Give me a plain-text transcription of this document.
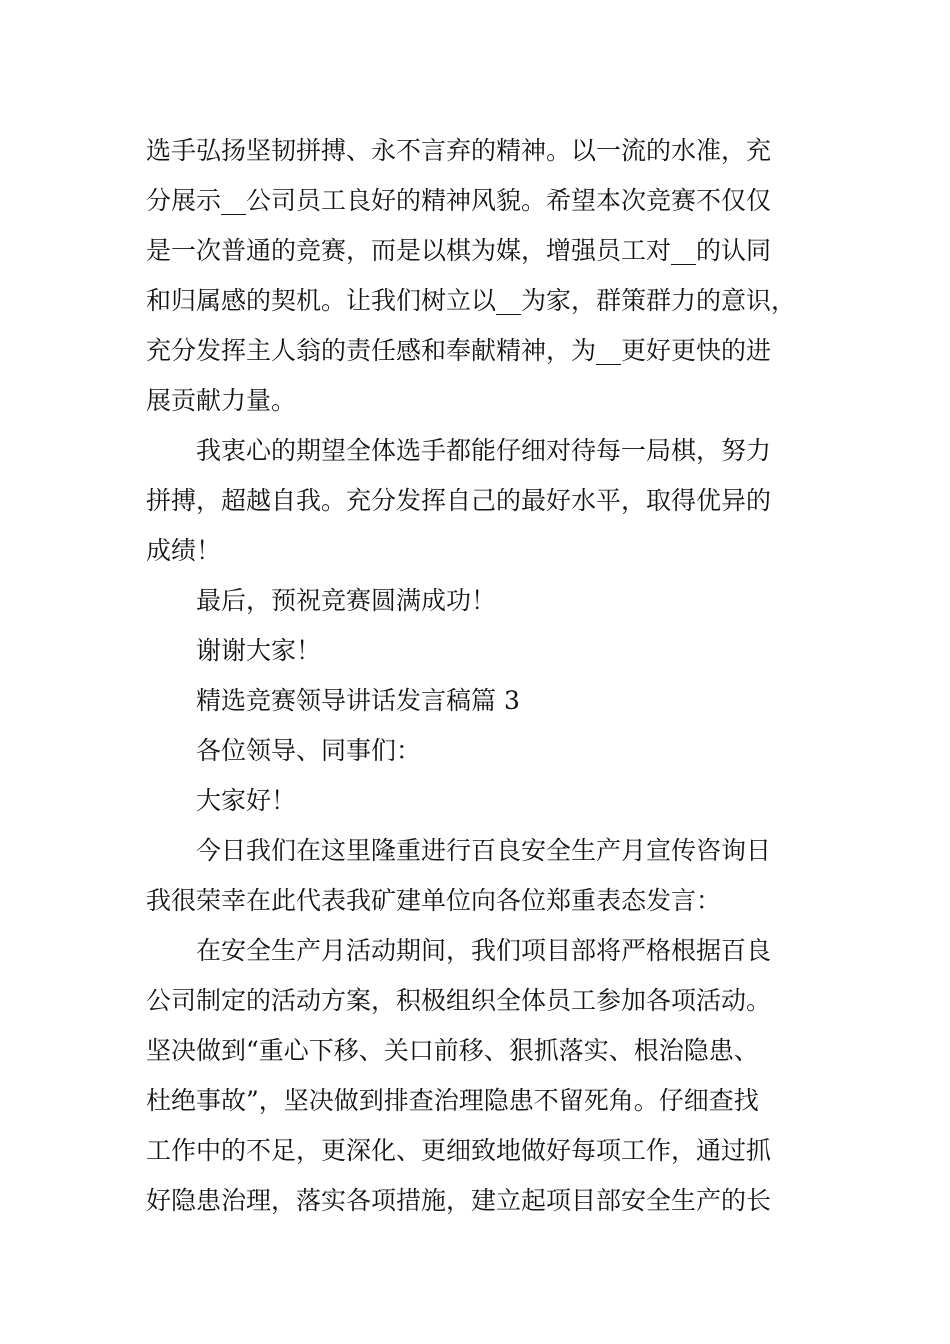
选手弘扬坚韧拼搏、永不言弃的精神。以一流的水准，充
分展示__公司员工良好的精神风貌。希望本次竞赛不仅仅
是一次普通的竞赛，而是以棋为媒，增强员工对__的认同
和归属感的契机。让我们树立以__为家，群策群力的意识，
充分发挥主人翁的责任感和奉献精神，为__更好更快的进
展贡献力量。
我衷心的期望全体选手都能仔细对待每一局棋，努力
拼搏，超越自我。充分发挥自己的最好水平，取得优异的
成绩！
最后，预祝竞赛圆满成功！
谢谢大家！
精选竞赛领导讲话发言稿篇 3
各位领导、同事们：
大家好！
今日我们在这里隆重进行百良安全生产月宣传咨询日
我很荣幸在此代表我矿建单位向各位郑重表态发言：
在安全生产月活动期间，我们项目部将严格根据百良
公司制定的活动方案，积极组织全体员工参加各项活动。
坚决做到“重心下移、关口前移、狠抓落实、根治隐患、
杜绝事故”，坚决做到排查治理隐患不留死角。仔细查找
工作中的不足，更深化、更细致地做好每项工作，通过抓
好隐患治理，落实各项措施，建立起项目部安全生产的长
